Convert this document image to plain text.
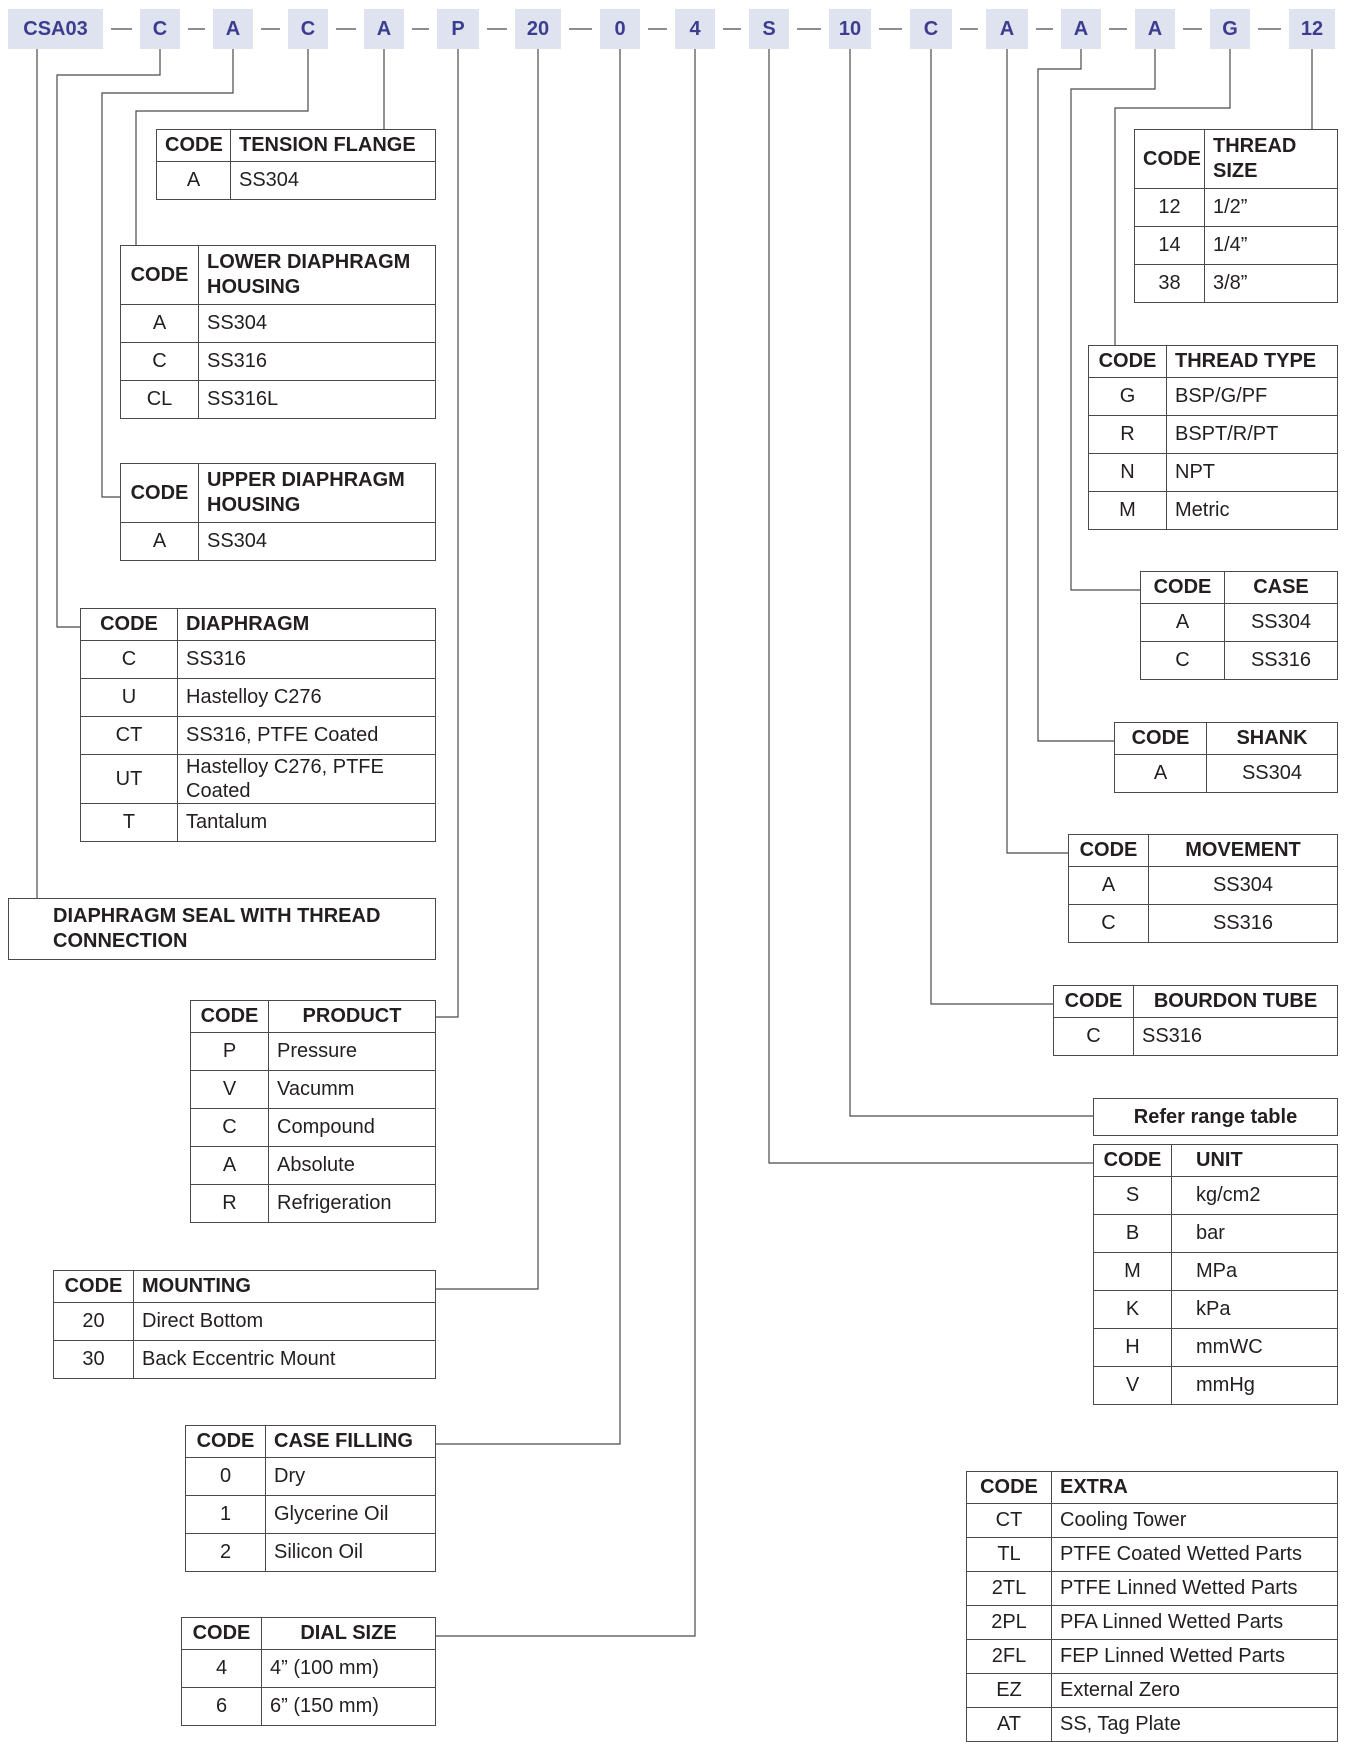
CSA03	C	A	C	A	P	20	0	4	S	10	C	A	A	A	G	12
CODE	TENSION FLANGE
A	SS304
CODE	LOWER DIAPHRAGM HOUSING
A	SS304
C	SS316
CL	SS316L
CODE	UPPER DIAPHRAGM HOUSING
A	SS304
CODE	DIAPHRAGM
C	SS316
U	Hastelloy C276
CT	SS316, PTFE Coated
UT	Hastelloy C276, PTFE Coated
T	Tantalum
DIAPHRAGM SEAL WITH THREAD CONNECTION
CODE	PRODUCT
P	Pressure
V	Vacumm
C	Compound
A	Absolute
R	Refrigeration
CODE	MOUNTING
20	Direct Bottom
30	Back Eccentric Mount
CODE	CASE FILLING
0	Dry
1	Glycerine Oil
2	Silicon Oil
CODE	DIAL SIZE
4	4” (100 mm)
6	6” (150 mm)
CODE	THREAD SIZE
12	1/2”
14	1/4”
38	3/8”
CODE	THREAD TYPE
G	BSP/G/PF
R	BSPT/R/PT
N	NPT
M	Metric
CODE	CASE
A	SS304
C	SS316
CODE	SHANK
A	SS304
CODE	MOVEMENT
A	SS304
C	SS316
CODE	BOURDON TUBE
C	SS316
Refer range table
CODE	UNIT
S	kg/cm2
B	bar
M	MPa
K	kPa
H	mmWC
V	mmHg
CODE	EXTRA
CT	Cooling Tower
TL	PTFE Coated Wetted Parts
2TL	PTFE Linned Wetted Parts
2PL	PFA Linned Wetted Parts
2FL	FEP Linned Wetted Parts
EZ	External Zero
AT	SS, Tag Plate
